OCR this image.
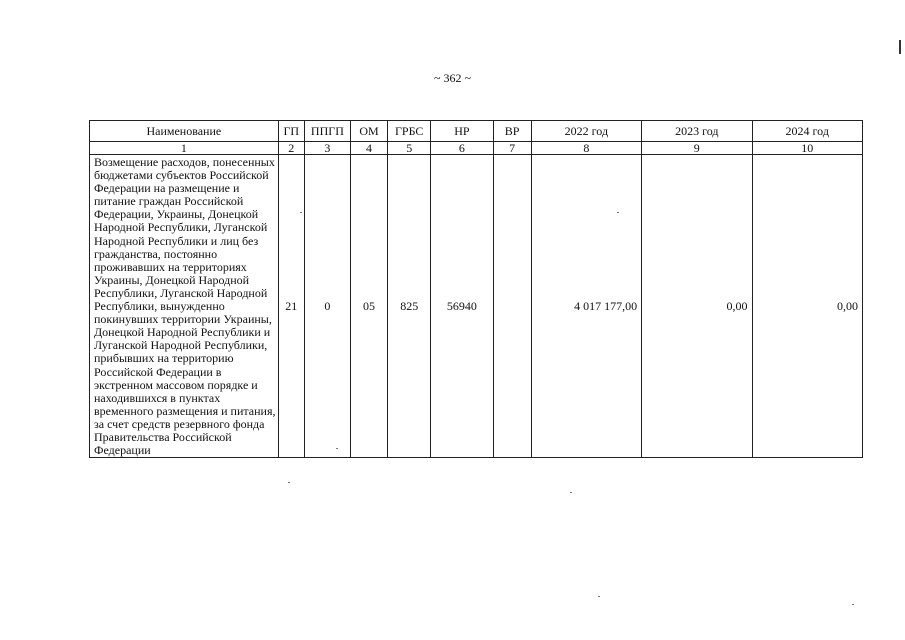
~ 362 ~
Наименование	ГП	ППГП	ОМ	ГРБС	НР	ВР	2022 год	2023 год	2024 год
1	2	3	4	5	6	7	8	9	10
Возмещение расходов, понесенных бюджетами субъектов Российской Федерации на размещение и питание граждан Российской Федерации, Украины, Донецкой Народной Республики, Луганской Народной Республики и лиц без гражданства, постоянно проживавших на территориях Украины, Донецкой Народной Республики, Луганской Народной Республики, вынужденно покинувших территории Украины, Донецкой Народной Республики и Луганской Народной Республики, прибывших на территорию Российской Федерации в экстренном массовом порядке и находившихся в пунктах временного размещения и питания, за счет средств резервного фонда Правительства Российской Федерации	21	0	05	825	56940		4 017 177,00	0,00	0,00
